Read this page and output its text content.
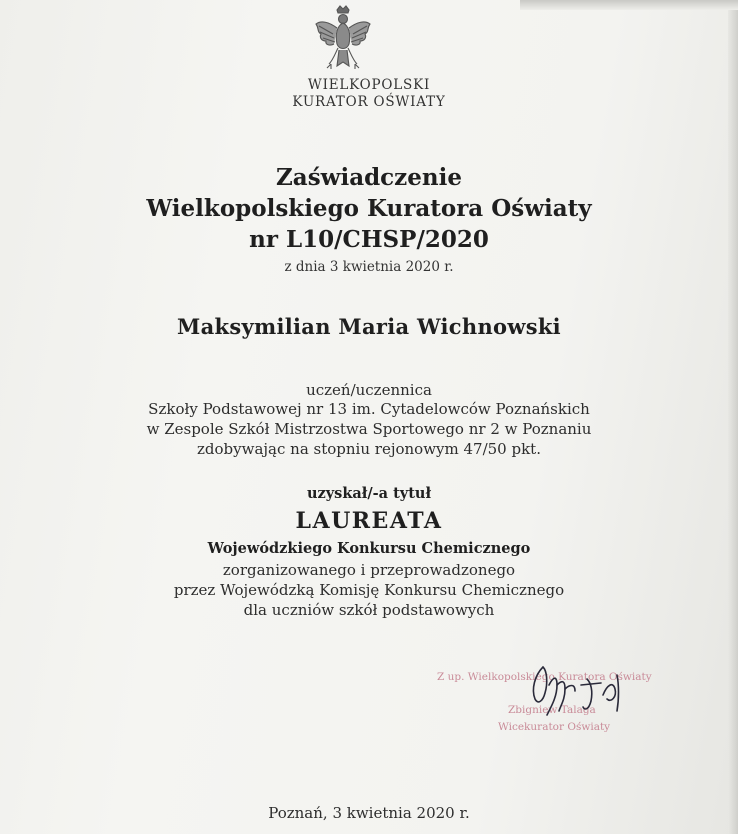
WIELKOPOLSKI
KURATOR OŚWIATY
Zaświadczenie
Wielkopolskiego Kuratora Oświaty
nr L10/CHSP/2020
z dnia 3 kwietnia 2020 r.
Maksymilian Maria Wichnowski
uczeń/uczennica
Szkoły Podstawowej nr 13 im. Cytadelowców Poznańskich
w Zespole Szkół Mistrzostwa Sportowego nr 2 w Poznaniu
zdobywając na stopniu rejonowym 47/50 pkt.
uzyskał/-a tytuł
LAUREATA
Wojewódzkiego Konkursu Chemicznego
zorganizowanego i przeprowadzonego
przez Wojewódzką Komisję Konkursu Chemicznego
dla uczniów szkół podstawowych
Z up. Wielkopolskiego Kuratora Oświaty
Zbigniew Talaga
Wicekurator Oświaty
Poznań, 3 kwietnia 2020 r.
